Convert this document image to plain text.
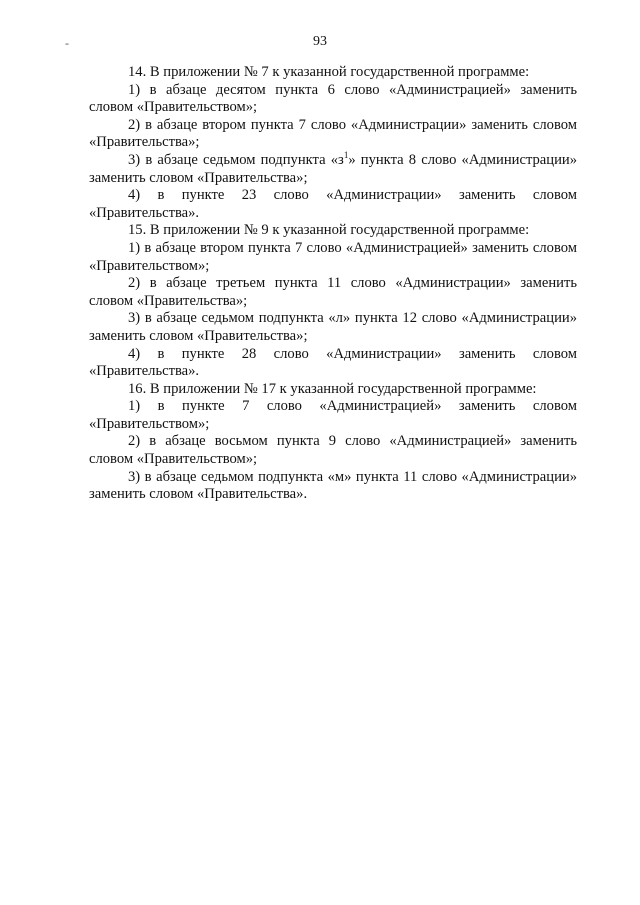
93
-

14. В приложении № 7 к указанной государственной программе:

1) в абзаце десятом пункта 6 слово «Администрацией» заменить словом «Правительством»;

2) в абзаце втором пункта 7 слово «Администрации» заменить словом «Правительства»;

3) в абзаце седьмом подпункта «$з^1$» пункта 8 слово «Администрации» заменить словом «Правительства»;

4) в пункте 23 слово «Администрации» заменить словом «Правительства».

15. В приложении № 9 к указанной государственной программе:

1) в абзаце втором пункта 7 слово «Администрацией» заменить словом «Правительством»;

2) в абзаце третьем пункта 11 слово «Администрации» заменить словом «Правительства»;

3) в абзаце седьмом подпункта «л» пункта 12 слово «Администрации» заменить словом «Правительства»;

4) в пункте 28 слово «Администрации» заменить словом «Правительства».

16. В приложении № 17 к указанной государственной программе:

1) в пункте 7 слово «Администрацией» заменить словом «Правительством»;

2) в абзаце восьмом пункта 9 слово «Администрацией» заменить словом «Правительством»;

3) в абзаце седьмом подпункта «м» пункта 11 слово «Администрации» заменить словом «Правительства».
